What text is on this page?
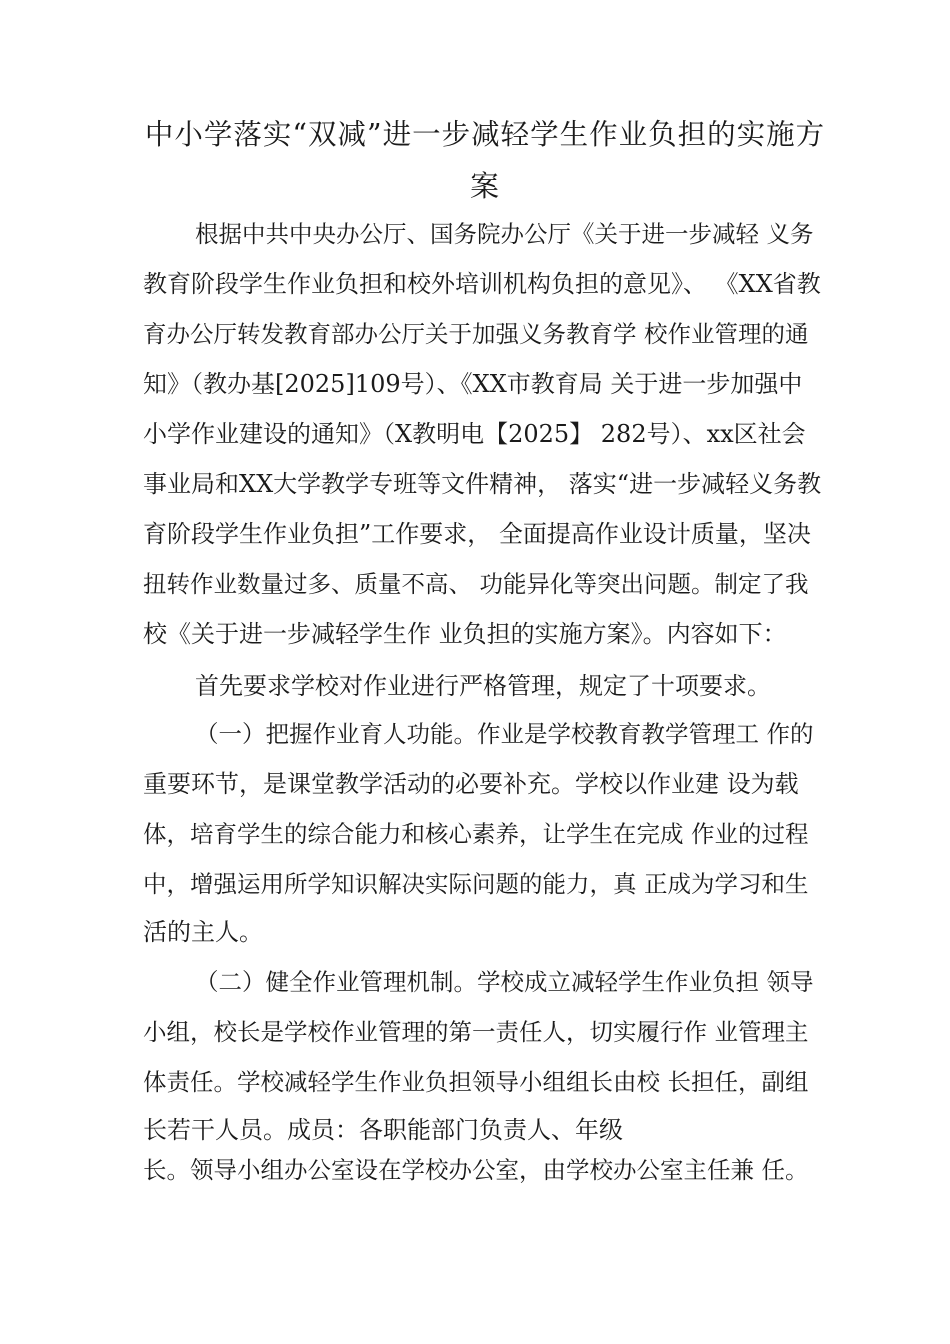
中小学落实“双减”进一步减轻学生作业负担的实施方
案
根据中共中央办公厅、国务院办公厅《关于进一步减轻 义务
教育阶段学生作业负担和校外培训机构负担的意见》、 《XX省教
育办公厅转发教育部办公厅关于加强义务教育学 校作业管理的通
知》（教办基[2025]109号）、《XX市教育局 关于进一步加强中
小学作业建设的通知》（X教明电【2025】 282号）、xx区社会
事业局和XX大学教学专班等文件精神， 落实“进一步减轻义务教
育阶段学生作业负担”工作要求， 全面提高作业设计质量，坚决
扭转作业数量过多、质量不高、 功能异化等突出问题。制定了我
校《关于进一步减轻学生作 业负担的实施方案》。内容如下：
首先要求学校对作业进行严格管理，规定了十项要求。
（一）把握作业育人功能。作业是学校教育教学管理工 作的
重要环节，是课堂教学活动的必要补充。学校以作业建 设为载
体，培育学生的综合能力和核心素养，让学生在完成 作业的过程
中，增强运用所学知识解决实际问题的能力，真 正成为学习和生
活的主人。
（二）健全作业管理机制。学校成立减轻学生作业负担 领导
小组，校长是学校作业管理的第一责任人，切实履行作 业管理主
体责任。学校减轻学生作业负担领导小组组长由校 长担任，副组
长若干人员。成员：各职能部门负责人、年级
长。领导小组办公室设在学校办公室，由学校办公室主任兼 任。
